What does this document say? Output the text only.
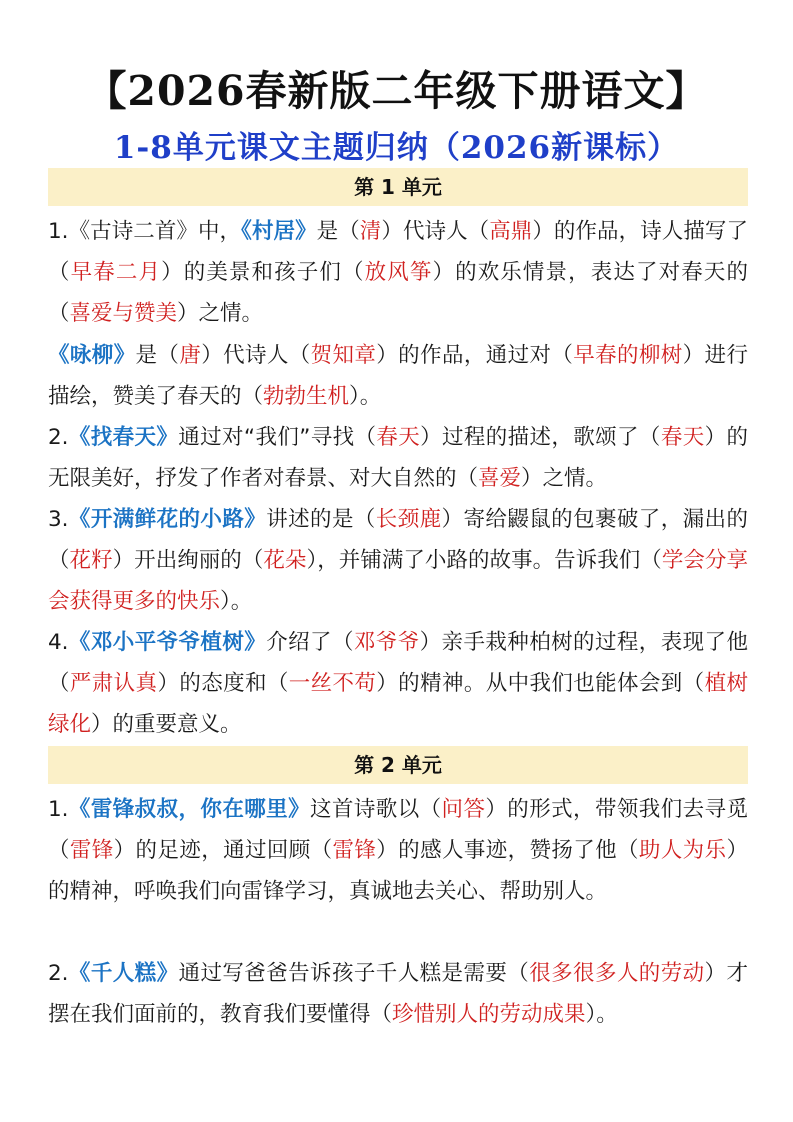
【2026春新版二年级下册语文】
1-8单元课文主题归纳（2026新课标）
第 1 单元
1.《古诗二首》中，《村居》是（清）代诗人（高鼎）的作品，诗人描写了（早春二月）的美景和孩子们（放风筝）的欢乐情景，表达了对春天的（喜爱与赞美）之情。
《咏柳》是（唐）代诗人（贺知章）的作品，通过对（早春的柳树）进行描绘，赞美了春天的（勃勃生机）。
2.《找春天》通过对“我们”寻找（春天）过程的描述，歌颂了（春天）的无限美好，抒发了作者对春景、对大自然的（喜爱）之情。
3.《开满鲜花的小路》讲述的是（长颈鹿）寄给鼹鼠的包裹破了，漏出的（花籽）开出绚丽的（花朵），并铺满了小路的故事。告诉我们（学会分享会获得更多的快乐）。
4.《邓小平爷爷植树》介绍了（邓爷爷）亲手栽种柏树的过程，表现了他（严肃认真）的态度和（一丝不苟）的精神。从中我们也能体会到（植树绿化）的重要意义。
第 2 单元
1.《雷锋叔叔，你在哪里》这首诗歌以（问答）的形式，带领我们去寻觅（雷锋）的足迹，通过回顾（雷锋）的感人事迹，赞扬了他（助人为乐）的精神，呼唤我们向雷锋学习，真诚地去关心、帮助别人。
2.《千人糕》通过写爸爸告诉孩子千人糕是需要（很多很多人的劳动）才摆在我们面前的，教育我们要懂得（珍惜别人的劳动成果）。
